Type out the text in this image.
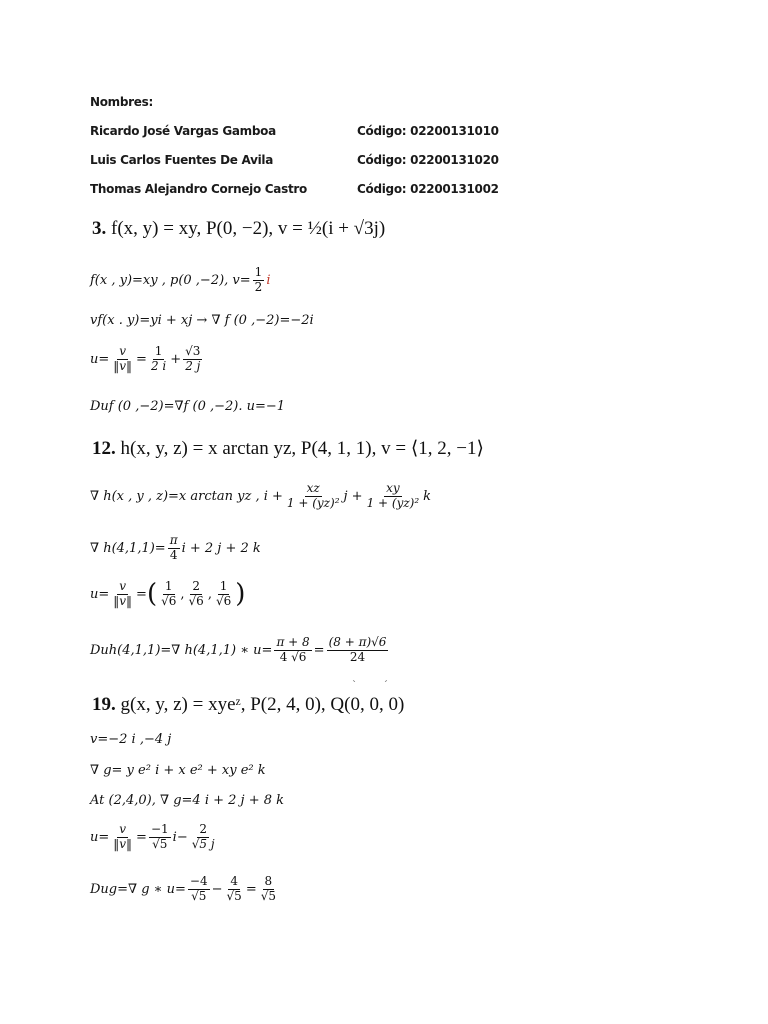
Nombres:
Ricardo José Vargas Gamboa	Código: 02200131010
Luis Carlos Fuentes De Avila	Código: 02200131020
Thomas Alejandro Cornejo Castro	Código: 02200131002
3. f(x, y) = xy, P(0, −2), v = ½(i + √3j)
f(x , y)=xy , p(0 ,−2), $v= \frac{1}{2}$ i
vf(x . y)=yi + xj → ∇ f (0 ,−2)=−2i
$u= \frac{v}{‖v‖} = \frac{1}{2 i} + \frac{√3}{2 j}$
Duf (0 ,−2)=∇f (0 ,−2). u=−1
12. h(x, y, z) = x arctan yz, P(4, 1, 1), v = ⟨1, 2, −1⟩
∇ h(x , y , z)=x arctan yz , $i + \frac{xz}{\text{1 + (yz)²}}$ $j + \frac{xy}{\text{1 + (yz)²}}$ k
∇ $h(4,1,1)= \frac{\pi}{4}$ i + 2 j + 2 k
$u= \frac{v}{‖v‖}$ = ( $\frac{1}{√6}$ , $\frac{2}{√6}$ , $\frac{1}{√6}$ )
Duh(4,1,1)=∇ h(4,1,1) ∗ $u= \frac{\pi + 8}{4 √6} = \frac{(8 + \pi)√6}{24}$
ˋ	ˊ
19. g(x, y, z) = xyeᶻ, P(2, 4, 0), Q(0, 0, 0)
v=−2 i ,−4 j
∇ g= y e² i + x e² + xy e² k
At (2,4,0), ∇ g=4 i + 2 j + 8 k
$u= \frac{v}{‖v‖} = \frac{-1}{√5} i- \frac{2}{√5 j}$
Dug=∇ g ∗ $u= \frac{-4}{√5} - \frac{4}{√5} = \frac{8}{√5}$
